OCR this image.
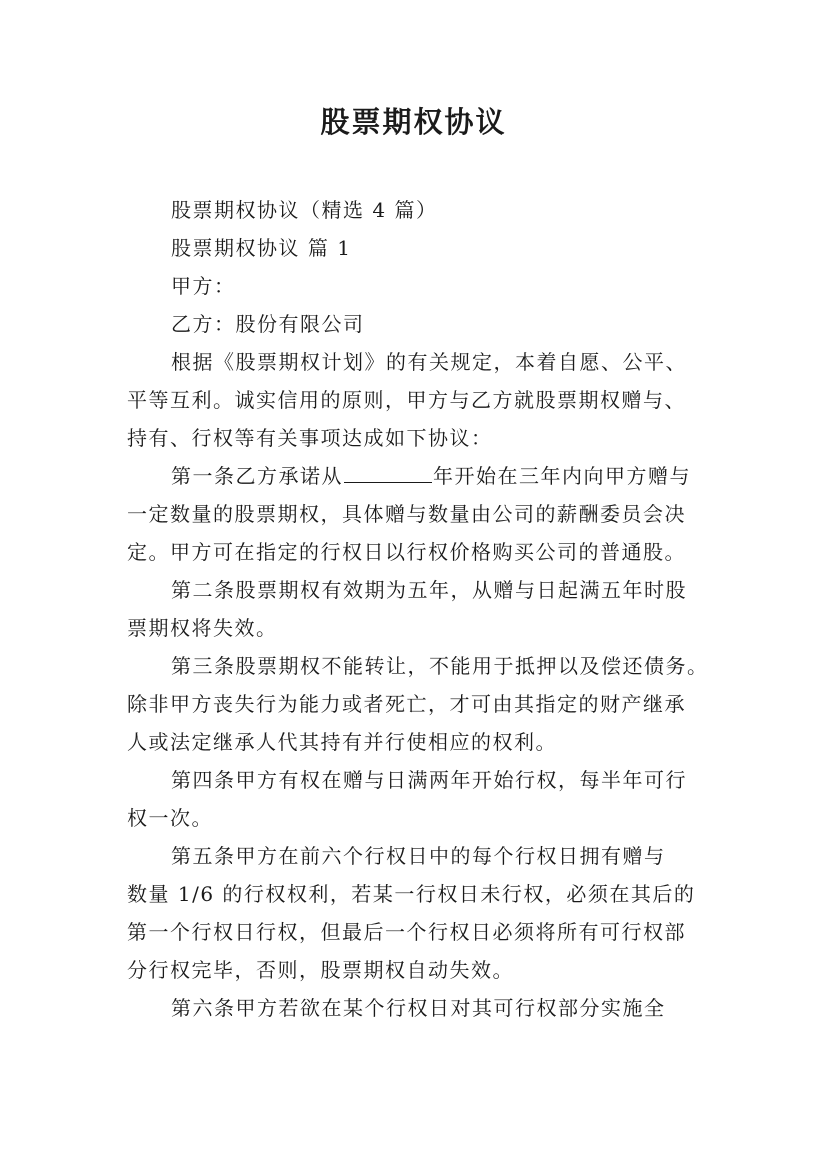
股票期权协议
股票期权协议（精选 4 篇）
股票期权协议 篇 1
甲方：
乙方：股份有限公司
根据《股票期权计划》的有关规定，本着自愿、公平、
平等互利。诚实信用的原则，甲方与乙方就股票期权赠与、
持有、行权等有关事项达成如下协议：
第一条乙方承诺从	年开始在三年内向甲方赠与
一定数量的股票期权，具体赠与数量由公司的薪酬委员会决
定。甲方可在指定的行权日以行权价格购买公司的普通股。
第二条股票期权有效期为五年，从赠与日起满五年时股
票期权将失效。
第三条股票期权不能转让，不能用于抵押以及偿还债务。
除非甲方丧失行为能力或者死亡，才可由其指定的财产继承
人或法定继承人代其持有并行使相应的权利。
第四条甲方有权在赠与日满两年开始行权，每半年可行
权一次。
第五条甲方在前六个行权日中的每个行权日拥有赠与
数量 1/6 的行权权利，若某一行权日未行权，必须在其后的
第一个行权日行权，但最后一个行权日必须将所有可行权部
分行权完毕，否则，股票期权自动失效。
第六条甲方若欲在某个行权日对其可行权部分实施全
